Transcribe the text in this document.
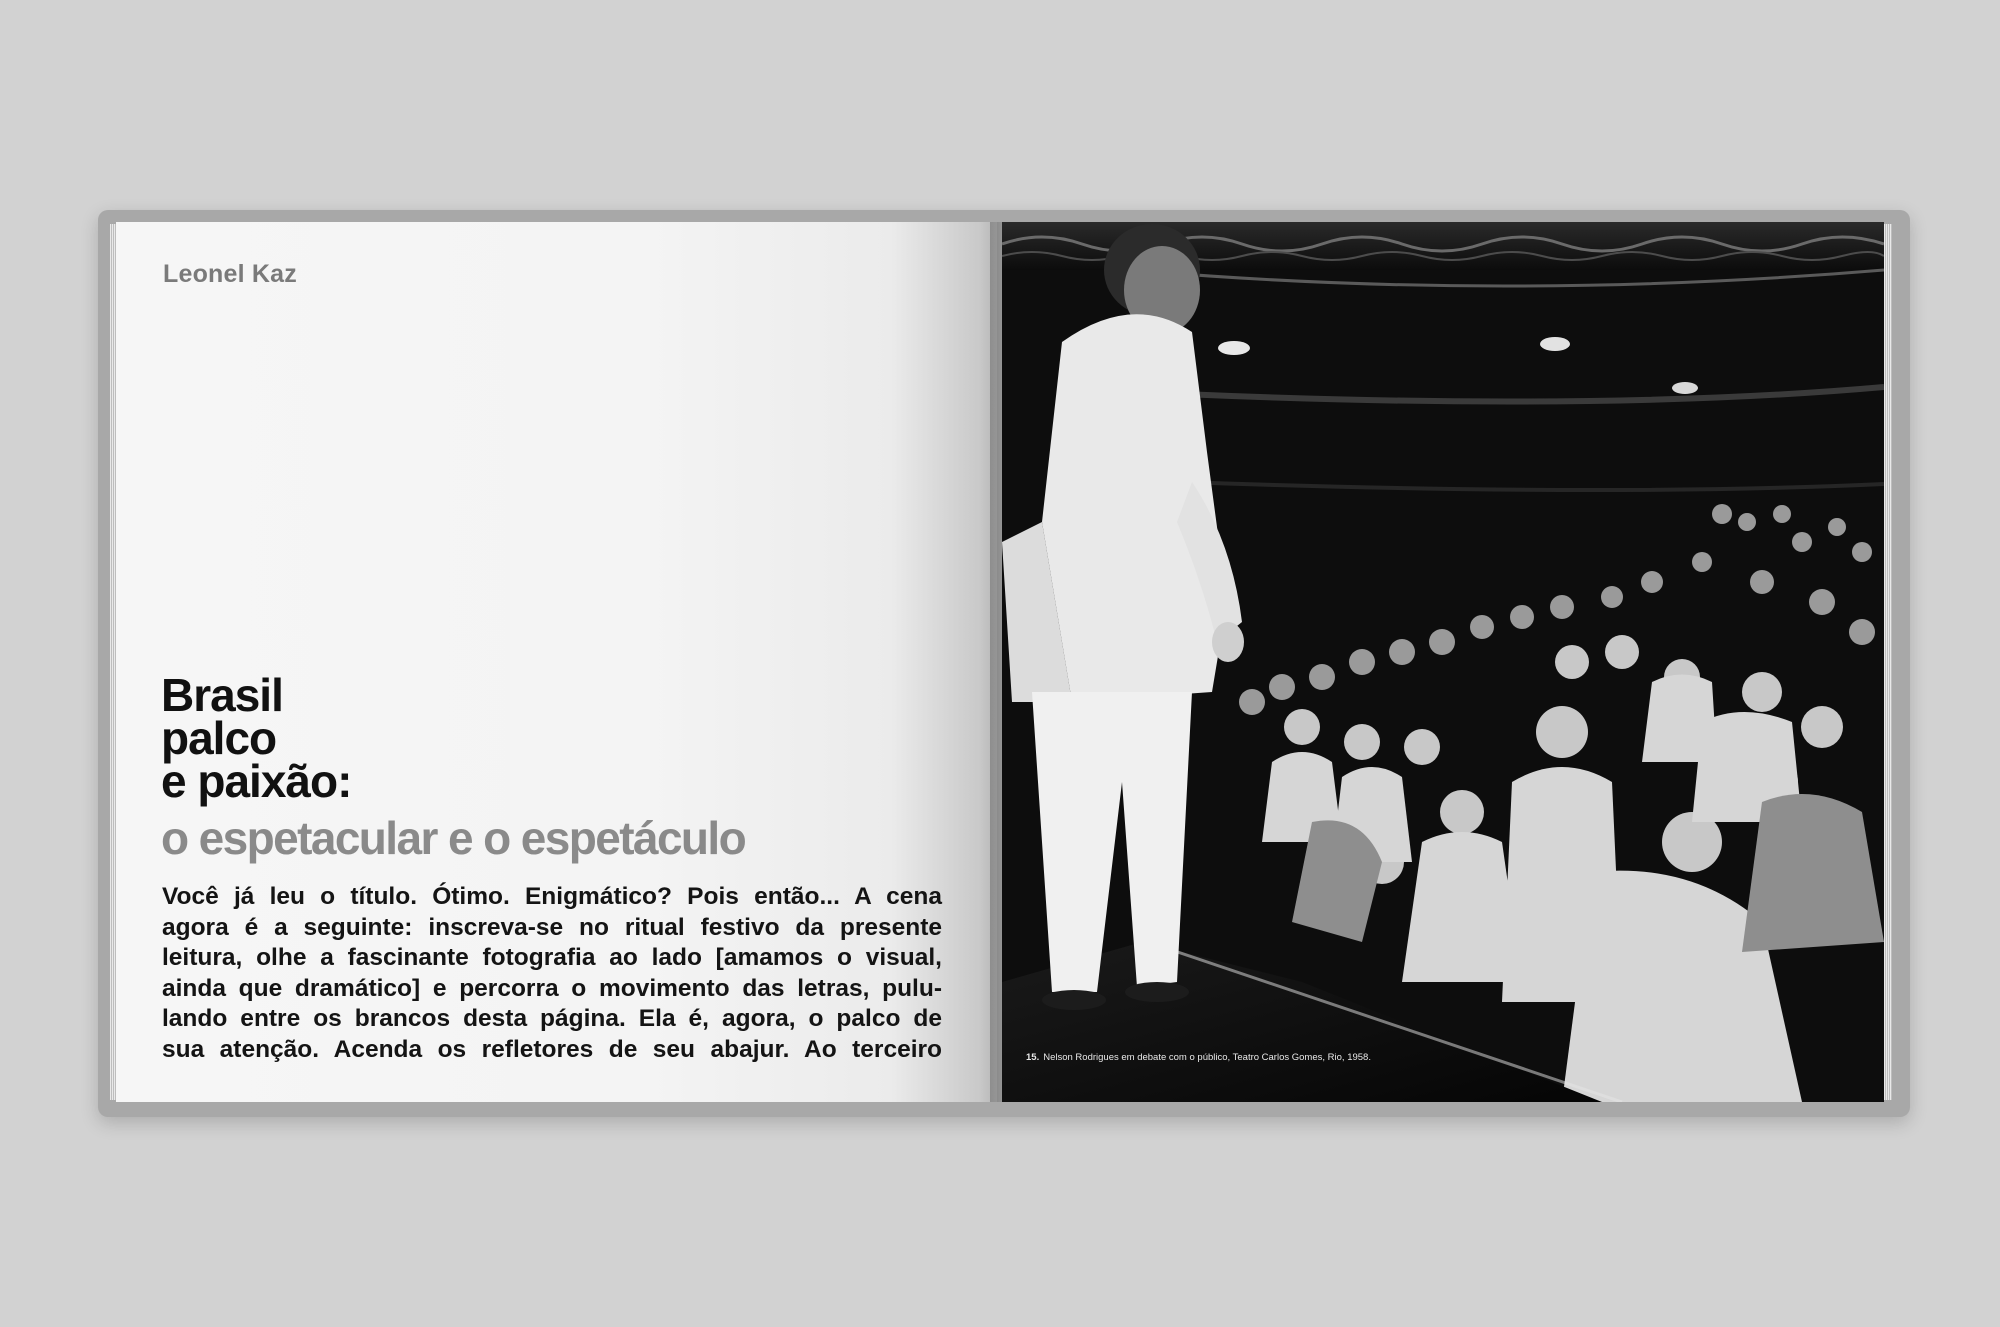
Leonel Kaz
Brasil
palco
e paixão:
o espetacular e o espetáculo
Você já leu o título. Ótimo. Enigmático? Pois então... A cena
agora é a seguinte: inscreva-se no ritual festivo da presente
leitura, olhe a fascinante fotografia ao lado [amamos o visual,
ainda que dramático] e percorra o movimento das letras, pulu-
lando entre os brancos desta página. Ela é, agora, o palco de
sua atenção. Acenda os refletores de seu abajur. Ao terceiro	15. Nelson Rodrigues em debate com o público, Teatro Carlos Gomes, Rio, 1958.
